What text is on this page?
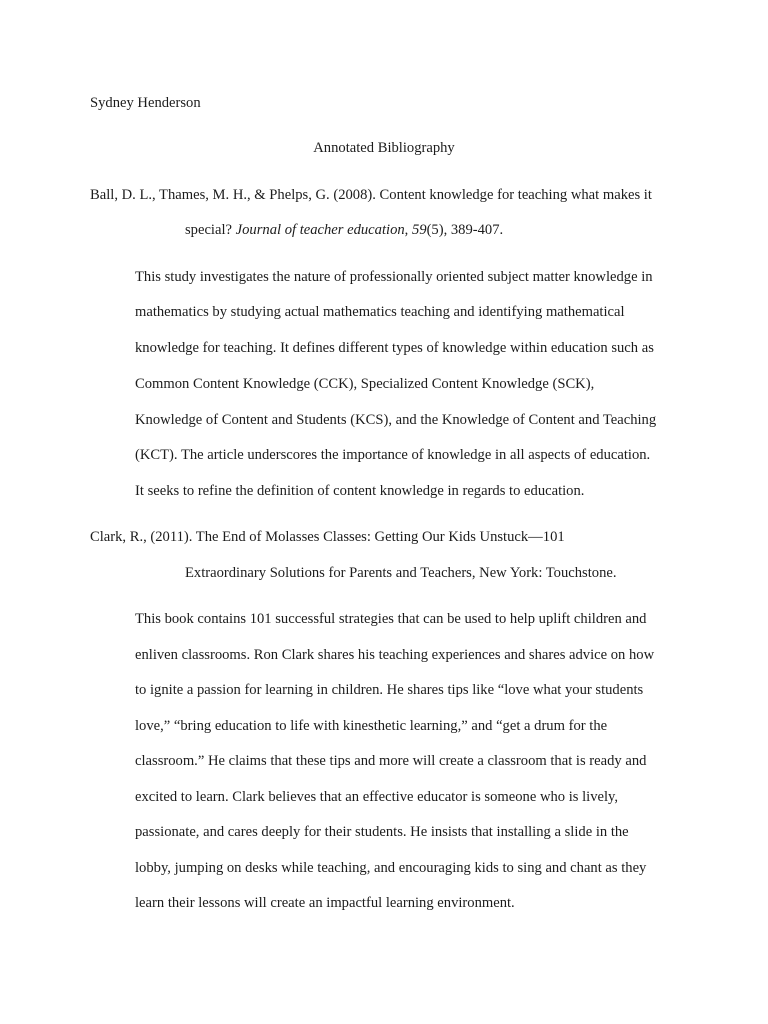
Sydney Henderson

Annotated Bibliography

Ball, D. L., Thames, M. H., & Phelps, G. (2008). Content knowledge for teaching what makes it

special? Journal of teacher education, 59(5), 389-407.

This study investigates the nature of professionally oriented subject matter knowledge in

mathematics by studying actual mathematics teaching and identifying mathematical

knowledge for teaching. It defines different types of knowledge within education such as

Common Content Knowledge (CCK), Specialized Content Knowledge (SCK),

Knowledge of Content and Students (KCS), and the Knowledge of Content and Teaching

(KCT). The article underscores the importance of knowledge in all aspects of education.

It seeks to refine the definition of content knowledge in regards to education.

Clark, R., (2011). The End of Molasses Classes: Getting Our Kids Unstuck—101

Extraordinary Solutions for Parents and Teachers, New York: Touchstone.

This book contains 101 successful strategies that can be used to help uplift children and

enliven classrooms. Ron Clark shares his teaching experiences and shares advice on how

to ignite a passion for learning in children. He shares tips like “love what your students

love,” “bring education to life with kinesthetic learning,” and “get a drum for the

classroom.” He claims that these tips and more will create a classroom that is ready and

excited to learn. Clark believes that an effective educator is someone who is lively,

passionate, and cares deeply for their students. He insists that installing a slide in the

lobby, jumping on desks while teaching, and encouraging kids to sing and chant as they

learn their lessons will create an impactful learning environment.
